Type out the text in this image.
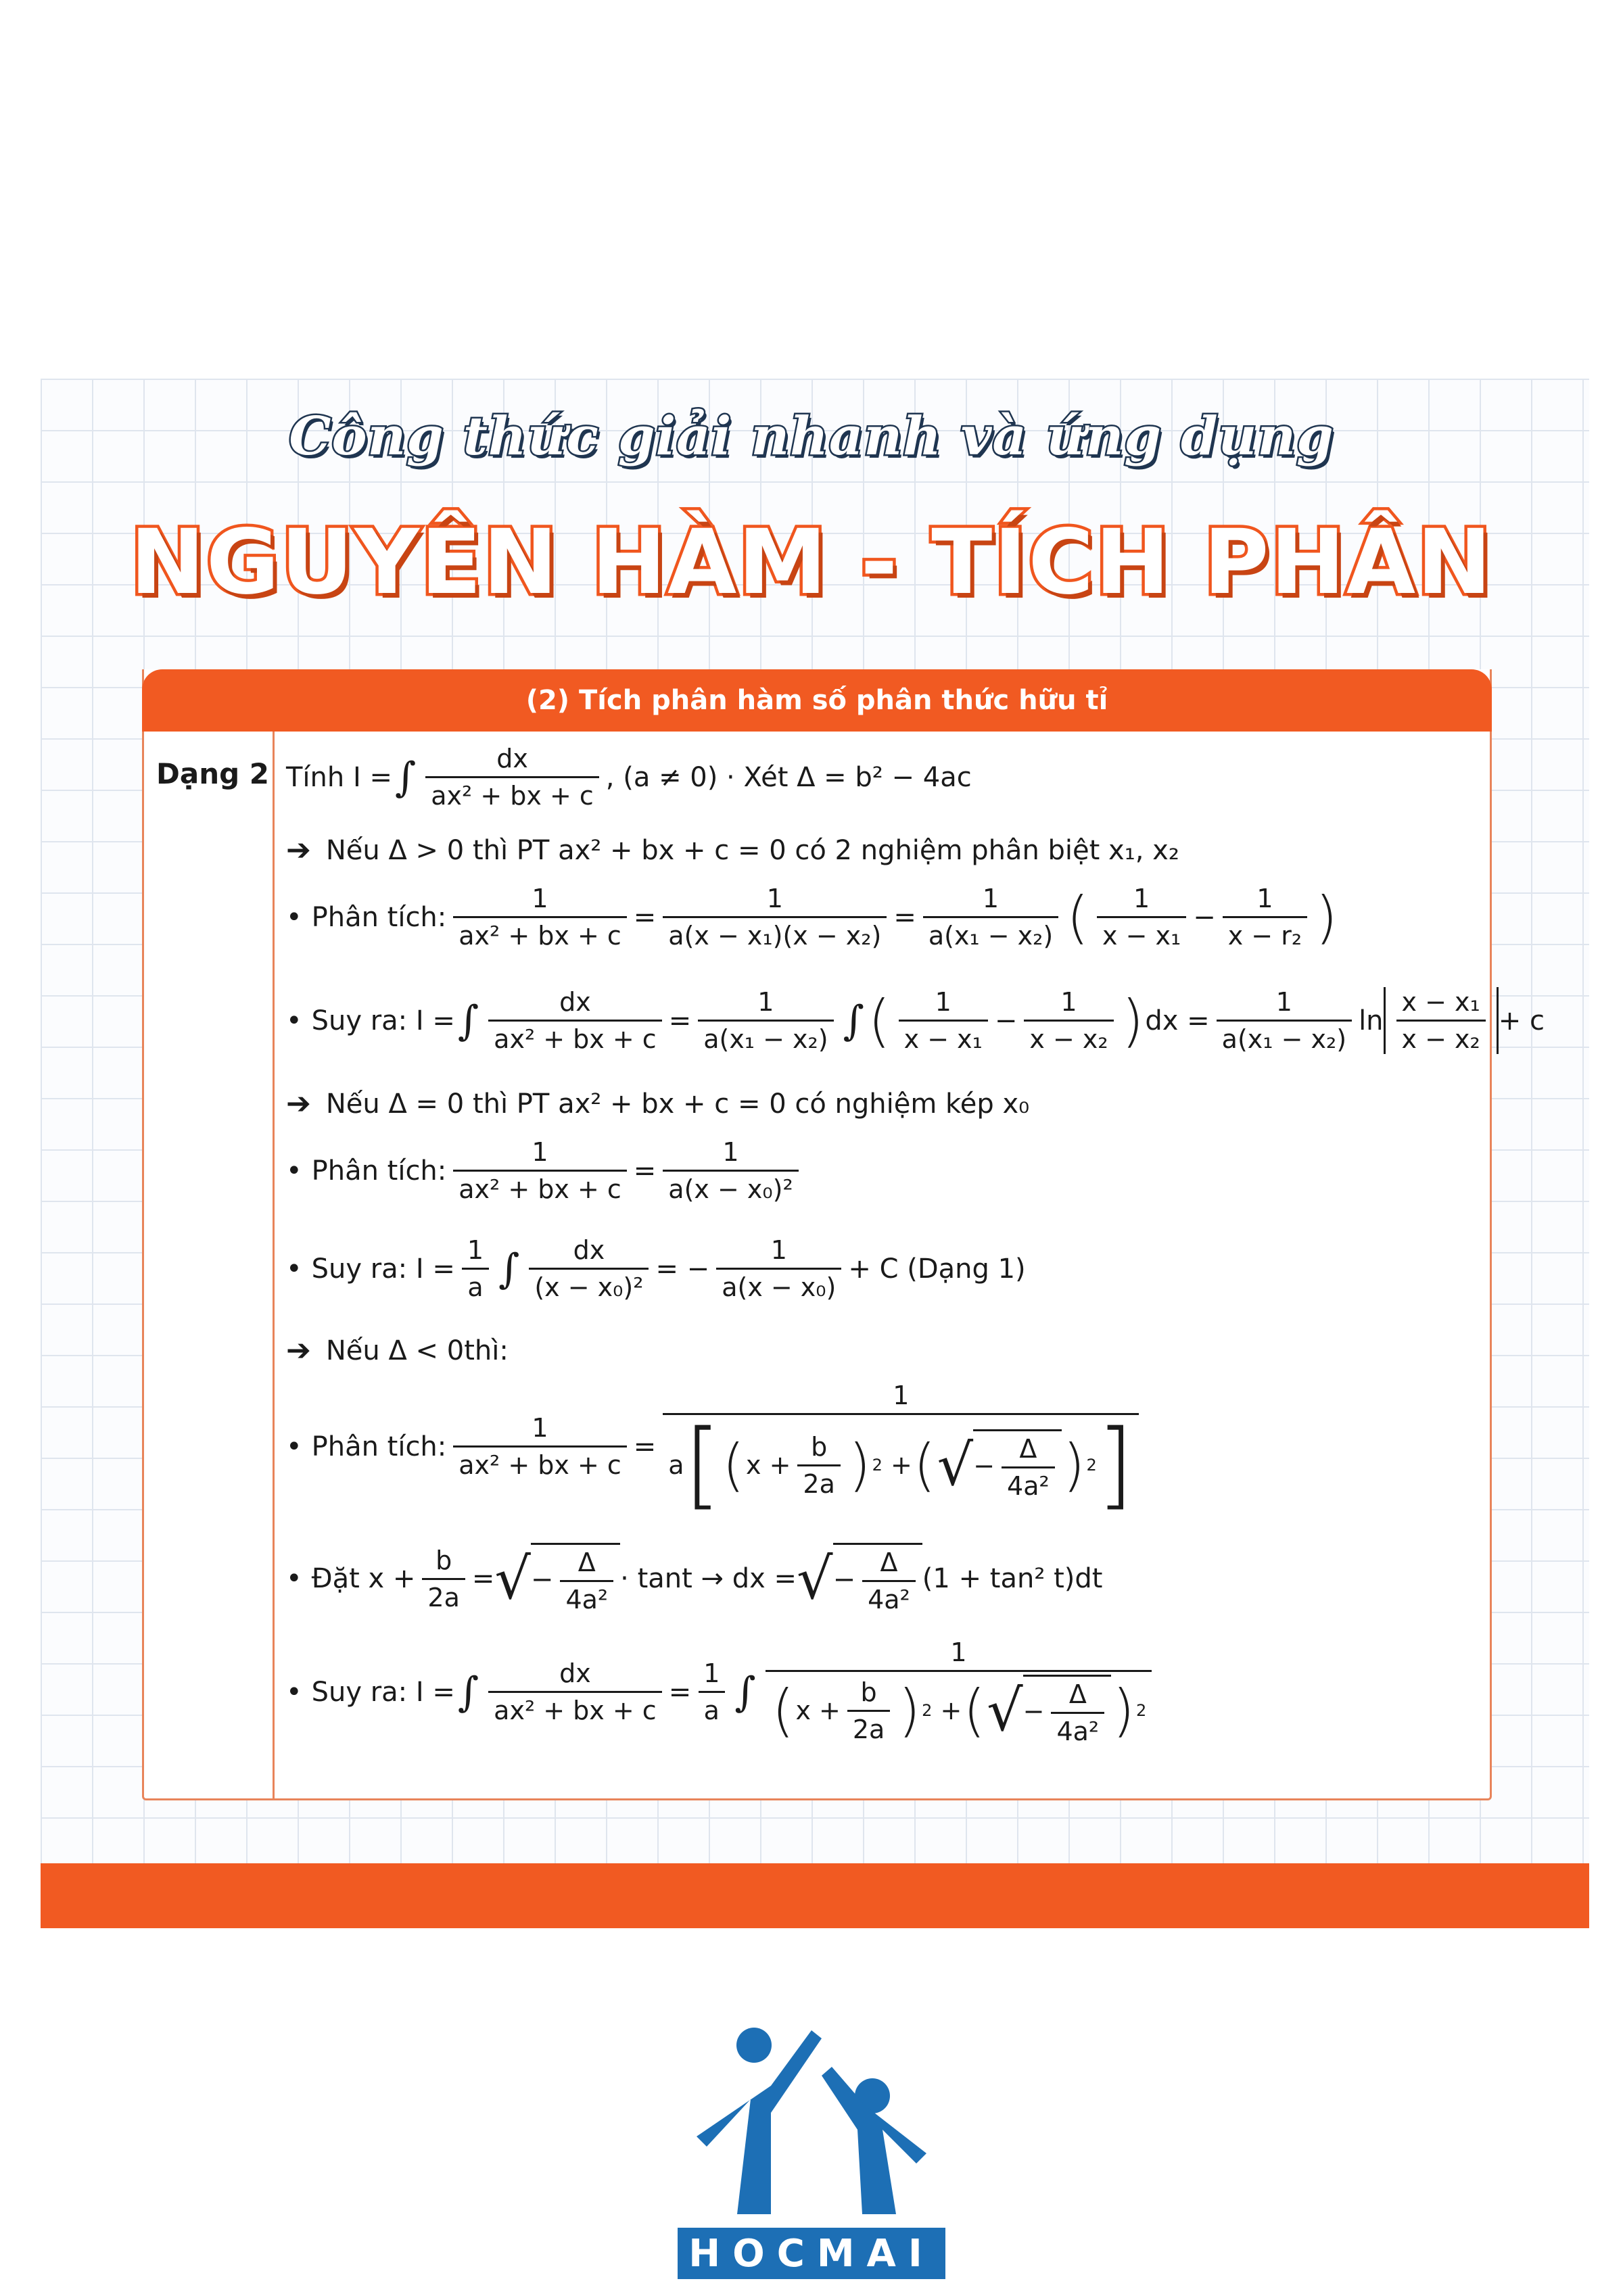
Công thức giải nhanh và ứng dụng
NGUYÊN HÀM - TÍCH PHÂN
(2) Tích phân hàm số phân thức hữu tỉ
Dạng 2 Tính I = ∫ $\frac{dx}{\text{ax² + bx + c}}$ , (a ≠ 0) · Xét Δ = b² − 4ac
➔ Nếu Δ > 0 thì PT ax² + bx + c = 0 có 2 nghiệm phân biệt x₁, x₂
• Phân tích: $\frac{1}{\text{ax² + bx + c}} = \frac{1}{\text{a(x − x₁)(x − x₂)}} = \frac{1}{\text{a(x₁ − x₂)}}$ ( $\frac{1}{\text{x − x₁}} - \frac{1}{\text{x − r₂}}$ )
• Suy ra: I = ∫ $\frac{dx}{\text{ax² + bx + c}} = \frac{1}{\text{a(x₁ − x₂)}}$ ∫ ( $\frac{1}{\text{x − x₁}} - \frac{1}{\text{x − x₂}}$ ) dx = $\frac{1}{\text{a(x₁ − x₂)}}$ $\ln \frac{\text{x − x₁}}{\text{x − x₂}} + c$
➔ Nếu Δ = 0 thì PT ax² + bx + c = 0 có nghiệm kép x₀
• Phân tích: $\frac{1}{\text{ax² + bx + c}} = \frac{1}{\text{a(x − x₀)²}}$
• Suy ra: $I = \frac{1}{a}$ ∫ $\frac{dx}{\text{(x − x₀)²}}$ = − $\frac{1}{\text{a(x − x₀)}} + C$ (Dạng 1)
➔ Nếu Δ < 0thì:
• Phân tích: $\frac{1}{\text{ax² + bx + c}}$ =
1
a [ ( $x + \frac{b}{2a}$ ) 2 + ( √ − $\frac{\Delta}{\text{4a²}}$ ) 2 ]
• Đặt $x + \frac{b}{2a}$ = √ − $\frac{\Delta}{\text{4a²}} \cdot \tan t$ → dx = √ − $\frac{\Delta}{\text{4a²}} (1 + \tan^2$ t)dt
• Suy ra: I = ∫ $\frac{dx}{\text{ax² + bx + c}} = \frac{1}{a}$ ∫
1
( $x + \frac{b}{2a}$ ) 2 + ( √ − $\frac{\Delta}{\text{4a²}}$ ) 2
HOCMAI
